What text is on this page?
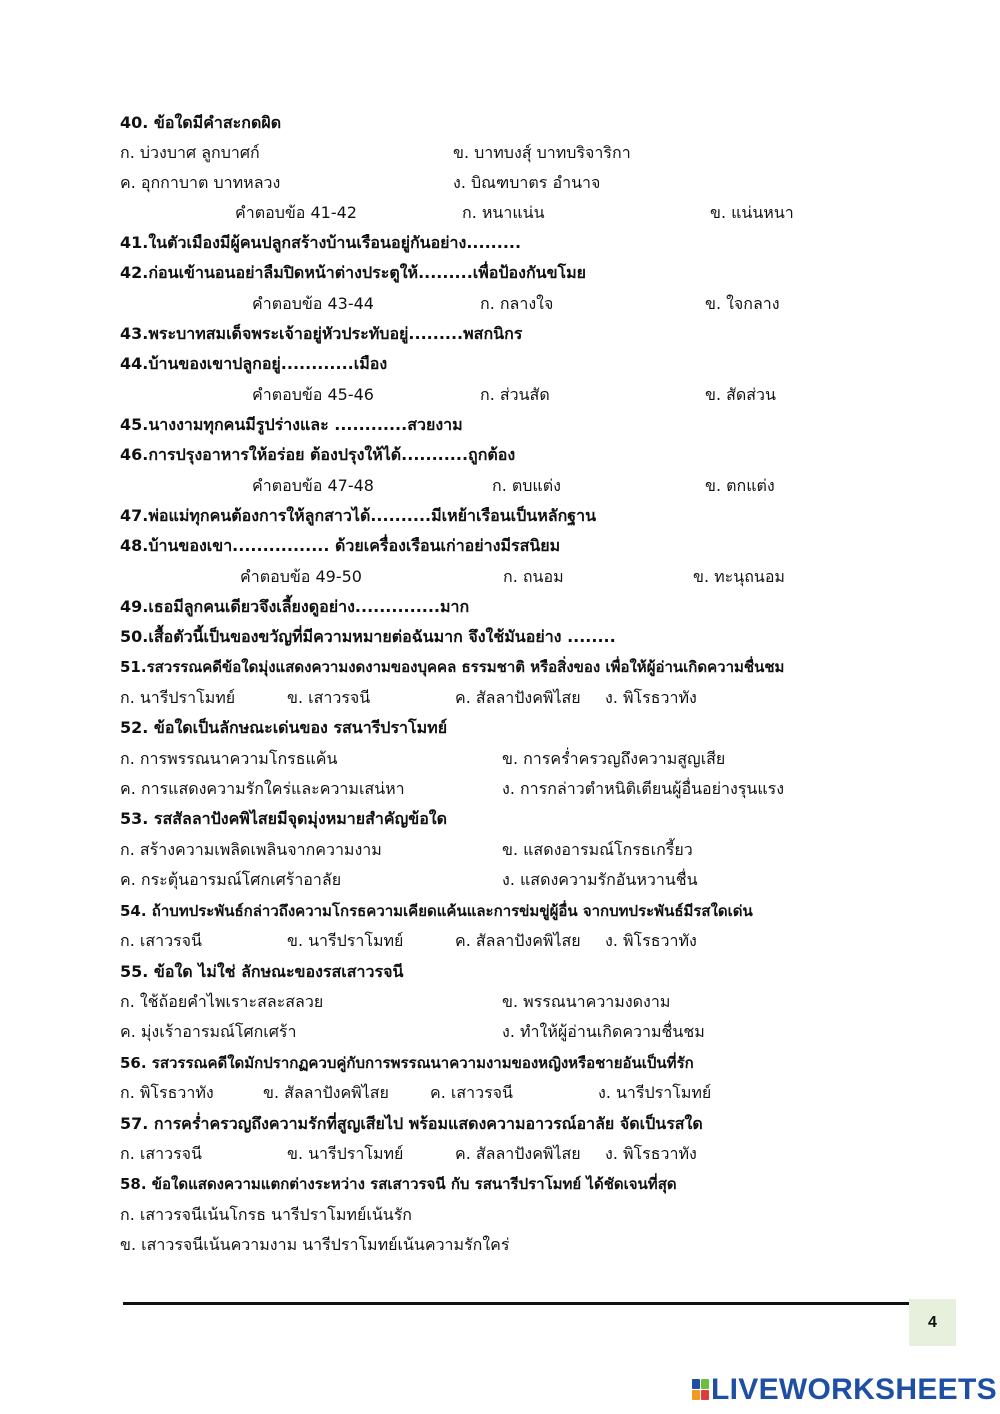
40. ข้อใดมีคำสะกดผิด
ก. บ่วงบาศ ลูกบาศก์	ข. บาทบงสุ์ บาทบริจาริกา
ค. อุกกาบาต บาทหลวง	ง. บิณฑบาตร อำนาจ
คำตอบข้อ 41-42	ก. หนาแน่น	ข. แน่นหนา
41.ในตัวเมืองมีผู้คนปลูกสร้างบ้านเรือนอยู่กันอย่าง.........
42.ก่อนเข้านอนอย่าลืมปิดหน้าต่างประตูให้.........เพื่อป้องกันขโมย
คำตอบข้อ 43-44	ก. กลางใจ	ข. ใจกลาง
43.พระบาทสมเด็จพระเจ้าอยู่หัวประทับอยู่.........พสกนิกร
44.บ้านของเขาปลูกอยู่............เมือง
คำตอบข้อ 45-46	ก. ส่วนสัด	ข. สัดส่วน
45.นางงามทุกคนมีรูปร่างและ ............สวยงาม
46.การปรุงอาหารให้อร่อย ต้องปรุงให้ได้...........ถูกต้อง
คำตอบข้อ 47-48	ก. ตบแต่ง	ข. ตกแต่ง
47.พ่อแม่ทุกคนต้องการให้ลูกสาวได้..........มีเหย้าเรือนเป็นหลักฐาน
48.บ้านของเขา................ ด้วยเครื่องเรือนเก่าอย่างมีรสนิยม
คำตอบข้อ 49-50	ก. ถนอม	ข. ทะนุถนอม
49.เธอมีลูกคนเดียวจึงเลี้ยงดูอย่าง..............มาก
50.เสื้อตัวนี้เป็นของขวัญที่มีความหมายต่อฉันมาก จึงใช้มันอย่าง ........
51.รสวรรณคดีข้อใดมุ่งแสดงความงดงามของบุคคล ธรรมชาติ หรือสิ่งของ เพื่อให้ผู้อ่านเกิดความชื่นชม
ก. นารีปราโมทย์	ข. เสาวรจนี	ค. สัลลาปังคพิไสย ง. พิโรธวาทัง
52. ข้อใดเป็นลักษณะเด่นของ รสนารีปราโมทย์
ก. การพรรณนาความโกรธแค้น	ข. การคร่ำครวญถึงความสูญเสีย
ค. การแสดงความรักใคร่และความเสน่หา	ง. การกล่าวตำหนิติเตียนผู้อื่นอย่างรุนแรง
53. รสสัลลาปังคพิไสยมีจุดมุ่งหมายสำคัญข้อใด
ก. สร้างความเพลิดเพลินจากความงาม	ข. แสดงอารมณ์โกรธเกรี้ยว
ค. กระตุ้นอารมณ์โศกเศร้าอาลัย	ง. แสดงความรักอันหวานชื่น
54. ถ้าบทประพันธ์กล่าวถึงความโกรธความเคียดแค้นและการข่มขู่ผู้อื่น จากบทประพันธ์มีรสใดเด่น
ก. เสาวรจนี	ข. นารีปราโมทย์	ค. สัลลาปังคพิไสย ง. พิโรธวาทัง
55. ข้อใด ไม่ใช่ ลักษณะของรสเสาวรจนี
ก. ใช้ถ้อยคำไพเราะสละสลวย	ข. พรรณนาความงดงาม
ค. มุ่งเร้าอารมณ์โศกเศร้า	ง. ทำให้ผู้อ่านเกิดความชื่นชม
56. รสวรรณคดีใดมักปรากฏควบคู่กับการพรรณนาความงามของหญิงหรือชายอันเป็นที่รัก
ก. พิโรธวาทัง	ข. สัลลาปังคพิไสย	ค. เสาวรจนี	ง. นารีปราโมทย์
57. การคร่ำครวญถึงความรักที่สูญเสียไป พร้อมแสดงความอาวรณ์อาลัย จัดเป็นรสใด
ก. เสาวรจนี	ข. นารีปราโมทย์	ค. สัลลาปังคพิไสย ง. พิโรธวาทัง
58. ข้อใดแสดงความแตกต่างระหว่าง รสเสาวรจนี กับ รสนารีปราโมทย์ ได้ชัดเจนที่สุด
ก. เสาวรจนีเน้นโกรธ นารีปราโมทย์เน้นรัก
ข. เสาวรจนีเน้นความงาม นารีปราโมทย์เน้นความรักใคร่
4
LIVEWORKSHEETS
